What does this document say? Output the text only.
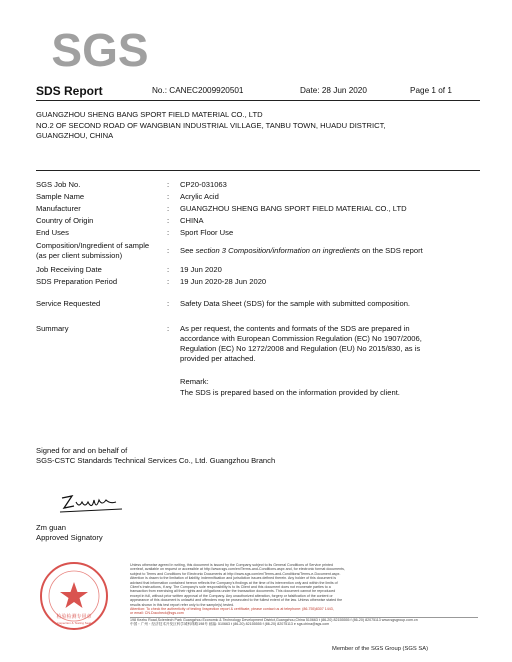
SGS
SDS Report	No.: CANEC2009920501	Date: 28 Jun 2020	Page 1 of 1
GUANGZHOU SHENG BANG SPORT FIELD MATERIAL CO., LTD
NO.2 OF SECOND ROAD OF WANGBIAN INDUSTRIAL VILLAGE, TANBU TOWN, HUADU DISTRICT,
GUANGZHOU, CHINA
SGS Job No.	: CP20-031063
Sample Name	: Acrylic Acid
Manufacturer	: GUANGZHOU SHENG BANG SPORT FIELD MATERIAL CO., LTD
Country of Origin	: CHINA
End Uses	: Sport Floor Use
Composition/Ingredient of sample
(as per client submission)
: See section 3 Composition/information on ingredients on the SDS report
Job Receiving Date	: 19 Jun 2020
SDS Preparation Period	: 19 Jun 2020-28 Jun 2020
Service Requested	: Safety Data Sheet (SDS) for the sample with submitted composition.
Summary	: As per request, the contents and formats of the SDS are prepared in
accordance with European Commission Regulation (EC) No 1907/2006,
Regulation (EC) No 1272/2008 and Regulation (EU) No 2015/830, as is
provided per attached.
Remark:
The SDS is prepared based on the information provided by client.
Signed for and on behalf of
SGS-CSTC Standards Technical Services Co., Ltd. Guangzhou Branch
Zmguan
Zm guan
Approved Signatory
检验检测专用章
Inspection & Testing Seal
Unless otherwise agreed in writing, this document is issued by the Company subject to its General Conditions of Service printed
overleaf, available on request or accessible at http://www.sgs.com/en/Terms-and-Conditions.aspx and, for electronic format documents,
subject to Terms and Conditions for Electronic Documents at http://www.sgs.com/en/Terms-and-Conditions/Terms-e-Document.aspx.
Attention is drawn to the limitation of liability, indemnification and jurisdiction issues defined therein. Any holder of this document is
advised that information contained hereon reflects the Company's findings at the time of its intervention only and within the limits of
Client's instructions, if any. The Company's sole responsibility is to its Client and this document does not exonerate parties to a
transaction from exercising all their rights and obligations under the transaction documents. This document cannot be reproduced
except in full, without prior written approval of the Company. Any unauthorized alteration, forgery or falsification of the content or
appearance of this document is unlawful and offenders may be prosecuted to the fullest extent of the law. Unless otherwise stated the
results shown in this test report refer only to the sample(s) tested.
Attention: To check the authenticity of testing /inspection report & certificate, please contact us at telephone: (86-755)8307 1443,
or email: CN.Doccheck@sgs.com
198 Kezhu Road,Scientech Park Guangzhou Economic & Technology Development District,Guangzhou,China 510663 t (86-20) 82155555 f (86-20) 82075113 www.sgsgroup.com.cn
中国・广州・经济技术开发区科学城科珠路198号 邮编: 510663 t (86-20) 82155555 f (86-20) 82075113 e sgs.china@sgs.com
Member of the SGS Group (SGS SA)
